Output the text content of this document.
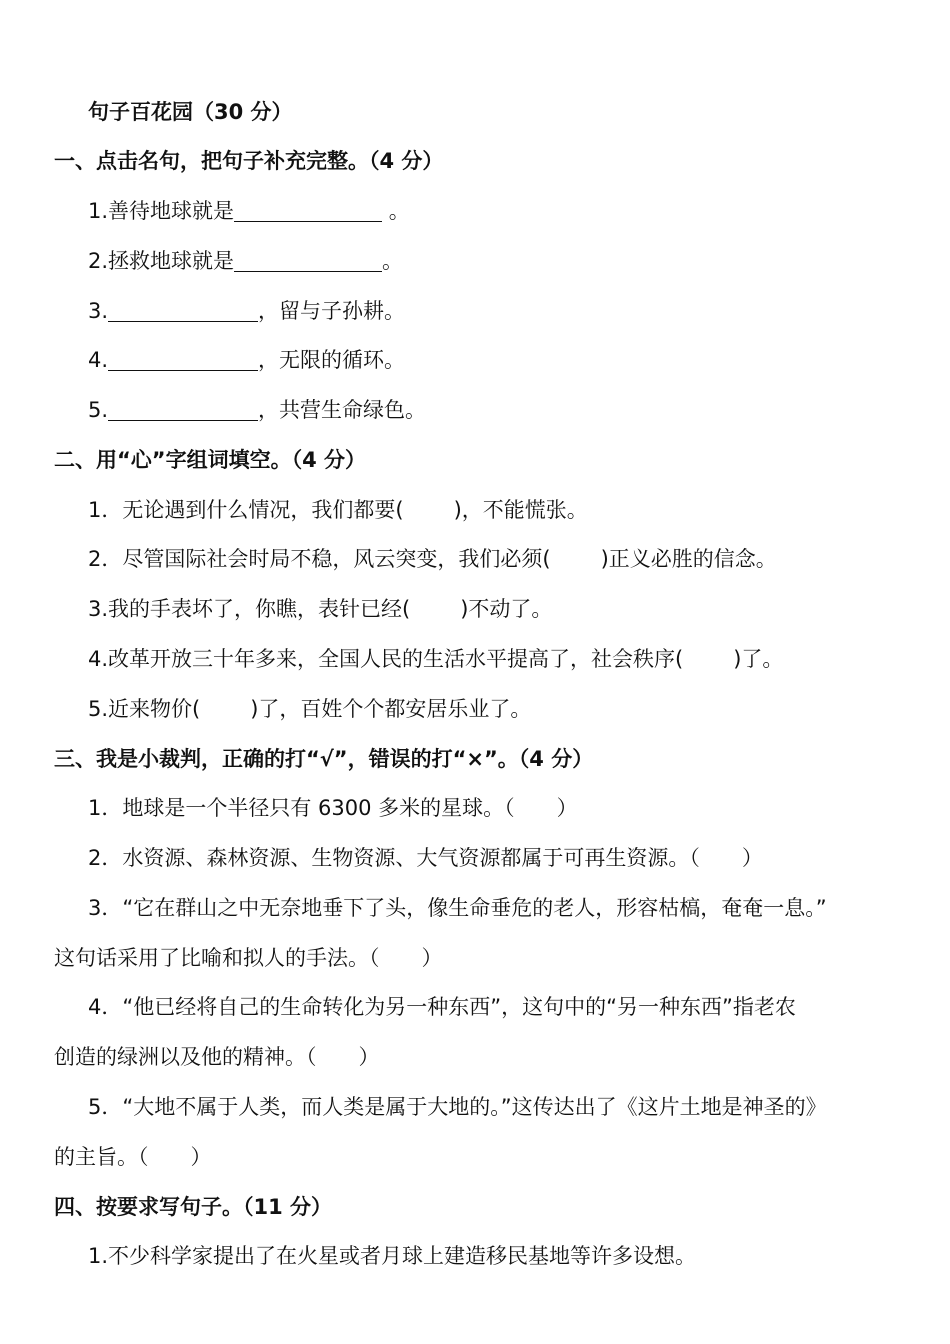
句子百花园（30 分）
一、点击名句，把句子补充完整。（4 分）
1.善待地球就是	。
2.拯救地球就是	。
3.	，留与子孙耕。
4.	，无限的循环。
5.	，共营生命绿色。
二、用“心”字组词填空。（4 分）
1．无论遇到什么情况，我们都要( )，不能慌张。
2．尽管国际社会时局不稳，风云突变，我们必须( )正义必胜的信念。
3.我的手表坏了，你瞧，表针已经( )不动了。
4.改革开放三十年多来，全国人民的生活水平提高了，社会秩序( )了。
5.近来物价( )了，百姓个个都安居乐业了。
三、我是小裁判，正确的打“√”，错误的打“×”。（4 分）
1．地球是一个半径只有 6300 多米的星球。（　　）
2．水资源、森林资源、生物资源、大气资源都属于可再生资源。（　　）
3．“它在群山之中无奈地垂下了头，像生命垂危的老人，形容枯槁，奄奄一息。”
这句话采用了比喻和拟人的手法。（　　）
4．“他已经将自己的生命转化为另一种东西”，这句中的“另一种东西”指老农
创造的绿洲以及他的精神。（　　）
5．“大地不属于人类，而人类是属于大地的。”这传达出了《这片土地是神圣的》
的主旨。（　　）
四、按要求写句子。（11 分）
1.不少科学家提出了在火星或者月球上建造移民基地等许多设想。
